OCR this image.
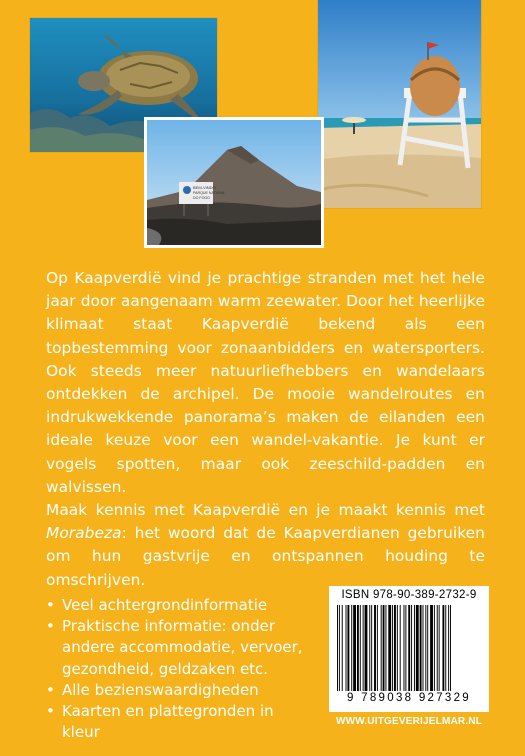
BEM-VINDO
PARQUE NATURAL
DO FOGO

Op Kaapverdië vind je prachtige stranden met het hele jaar door aangenaam warm zeewater. Door het heerlijke klimaat staat Kaapverdië bekend als een topbestemming voor zonaanbidders en watersporters. Ook steeds meer natuurliefhebbers en wandelaars ontdekken de archipel. De mooie wandelroutes en indrukwekkende panorama’s maken de eilanden een ideale keuze voor een wandel-vakantie. Je kunt er vogels spotten, maar ook zeeschild-padden en walvissen.

Maak kennis met Kaapverdië en je maakt kennis met Morabeza: het woord dat de Kaapverdianen gebruiken om hun gastvrije en ontspannen houding te omschrijven.

• Veel achtergrondinformatie
• Praktische informatie: onder andere accommodatie, vervoer, gezondheid, geldzaken etc.
• Alle bezienswaardigheden
• Kaarten en plattegronden in kleur
ISBN 978-90-389-2732-9
9 789038 927329
WWW.UITGEVERIJELMAR.NL
